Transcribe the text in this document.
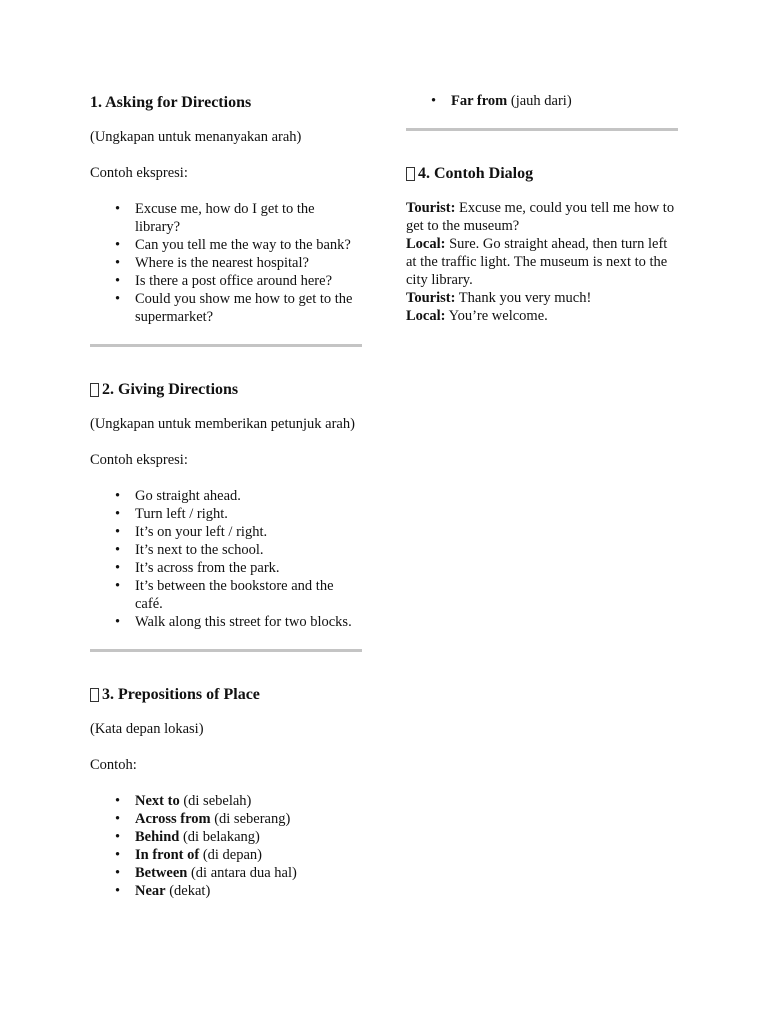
1. Asking for Directions

(Ungkapan untuk menanyakan arah)

Contoh ekspresi:

• Excuse me, how do I get to the library?
• Can you tell me the way to the bank?
• Where is the nearest hospital?
• Is there a post office around here?
• Could you show me how to get to the supermarket?
2. Giving Directions

(Ungkapan untuk memberikan petunjuk arah)

Contoh ekspresi:

• Go straight ahead.
• Turn left / right.
• It’s on your left / right.
• It’s next to the school.
• It’s across from the park.
• It’s between the bookstore and the café.
• Walk along this street for two blocks.
3. Prepositions of Place

(Kata depan lokasi)

Contoh:

• Next to (di sebelah)
• Across from (di seberang)
• Behind (di belakang)
• In front of (di depan)
• Between (di antara dua hal)
• Near (dekat)
• Far from (jauh dari)
4. Contoh Dialog

Tourist: Excuse me, could you tell me how to get to the museum?

Local: Sure. Go straight ahead, then turn left at the traffic light. The museum is next to the city library.

Tourist: Thank you very much!

Local: You’re welcome.
